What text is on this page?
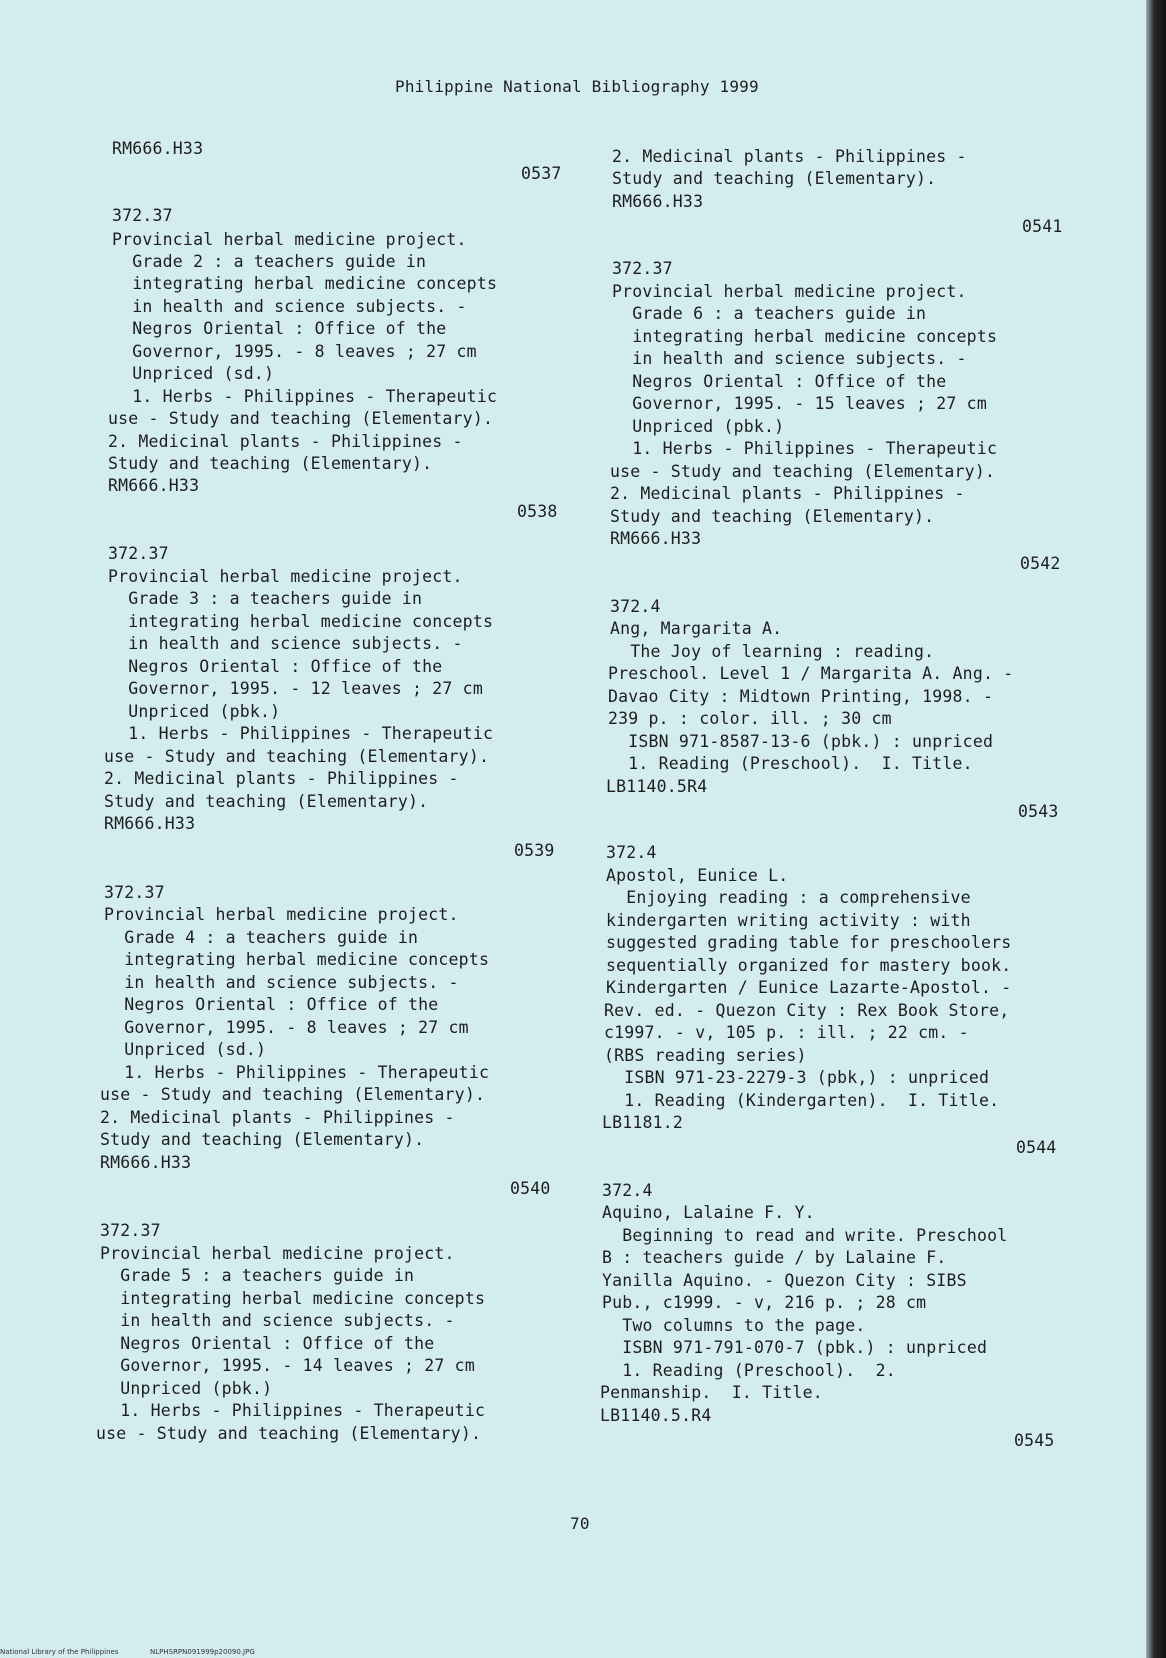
Philippine National Bibliography 1999
RM666.H33
0537
372.37
Provincial herbal medicine project.
Grade 2 : a teachers guide in
integrating herbal medicine concepts
in health and science subjects. -
Negros Oriental : Office of the
Governor, 1995. - 8 leaves ; 27 cm
Unpriced (sd.)
1. Herbs - Philippines - Therapeutic
use - Study and teaching (Elementary).
2. Medicinal plants - Philippines -
Study and teaching (Elementary).
RM666.H33
0538
372.37
Provincial herbal medicine project.
Grade 3 : a teachers guide in
integrating herbal medicine concepts
in health and science subjects. -
Negros Oriental : Office of the
Governor, 1995. - 12 leaves ; 27 cm
Unpriced (pbk.)
1. Herbs - Philippines - Therapeutic
use - Study and teaching (Elementary).
2. Medicinal plants - Philippines -
Study and teaching (Elementary).
RM666.H33
0539
372.37
Provincial herbal medicine project.
Grade 4 : a teachers guide in
integrating herbal medicine concepts
in health and science subjects. -
Negros Oriental : Office of the
Governor, 1995. - 8 leaves ; 27 cm
Unpriced (sd.)
1. Herbs - Philippines - Therapeutic
use - Study and teaching (Elementary).
2. Medicinal plants - Philippines -
Study and teaching (Elementary).
RM666.H33
0540
372.37
Provincial herbal medicine project.
Grade 5 : a teachers guide in
integrating herbal medicine concepts
in health and science subjects. -
Negros Oriental : Office of the
Governor, 1995. - 14 leaves ; 27 cm
Unpriced (pbk.)
1. Herbs - Philippines - Therapeutic
use - Study and teaching (Elementary).
2. Medicinal plants - Philippines -
Study and teaching (Elementary).
RM666.H33
0541
372.37
Provincial herbal medicine project.
Grade 6 : a teachers guide in
integrating herbal medicine concepts
in health and science subjects. -
Negros Oriental : Office of the
Governor, 1995. - 15 leaves ; 27 cm
Unpriced (pbk.)
1. Herbs - Philippines - Therapeutic
use - Study and teaching (Elementary).
2. Medicinal plants - Philippines -
Study and teaching (Elementary).
RM666.H33
0542
372.4
Ang, Margarita A.
The Joy of learning : reading.
Preschool. Level 1 / Margarita A. Ang. -
Davao City : Midtown Printing, 1998. -
239 p. : color. ill. ; 30 cm
ISBN 971-8587-13-6 (pbk.) : unpriced
1. Reading (Preschool).  I. Title.
LB1140.5R4
0543
372.4
Apostol, Eunice L.
Enjoying reading : a comprehensive
kindergarten writing activity : with
suggested grading table for preschoolers
sequentially organized for mastery book.
Kindergarten / Eunice Lazarte-Apostol. -
Rev. ed. - Quezon City : Rex Book Store,
c1997. - v, 105 p. : ill. ; 22 cm. -
(RBS reading series)
ISBN 971-23-2279-3 (pbk,) : unpriced
1. Reading (Kindergarten).  I. Title.
LB1181.2
0544
372.4
Aquino, Lalaine F. Y.
Beginning to read and write. Preschool
B : teachers guide / by Lalaine F.
Yanilla Aquino. - Quezon City : SIBS
Pub., c1999. - v, 216 p. ; 28 cm
Two columns to the page.
ISBN 971-791-070-7 (pbk.) : unpriced
1. Reading (Preschool).  2.
Penmanship.  I. Title.
LB1140.5.R4
0545
70
National Library of the Philippines	NLPHSRPN091999p20090.JPG
